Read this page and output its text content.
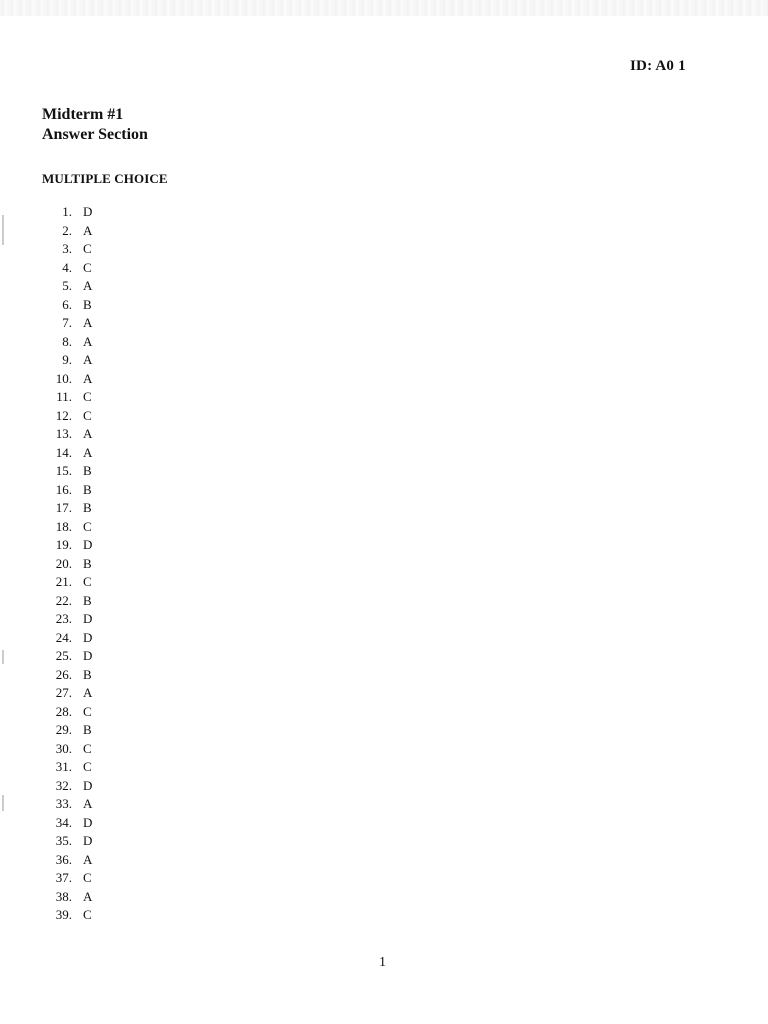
ID: A0 1
Midterm #1
Answer Section
MULTIPLE CHOICE
1. D
2. A
3. C
4. C
5. A
6. B
7. A
8. A
9. A
10. A
11. C
12. C
13. A
14. A
15. B
16. B
17. B
18. C
19. D
20. B
21. C
22. B
23. D
24. D
25. D
26. B
27. A
28. C
29. B
30. C
31. C
32. D
33. A
34. D
35. D
36. A
37. C
38. A
39. C
1
